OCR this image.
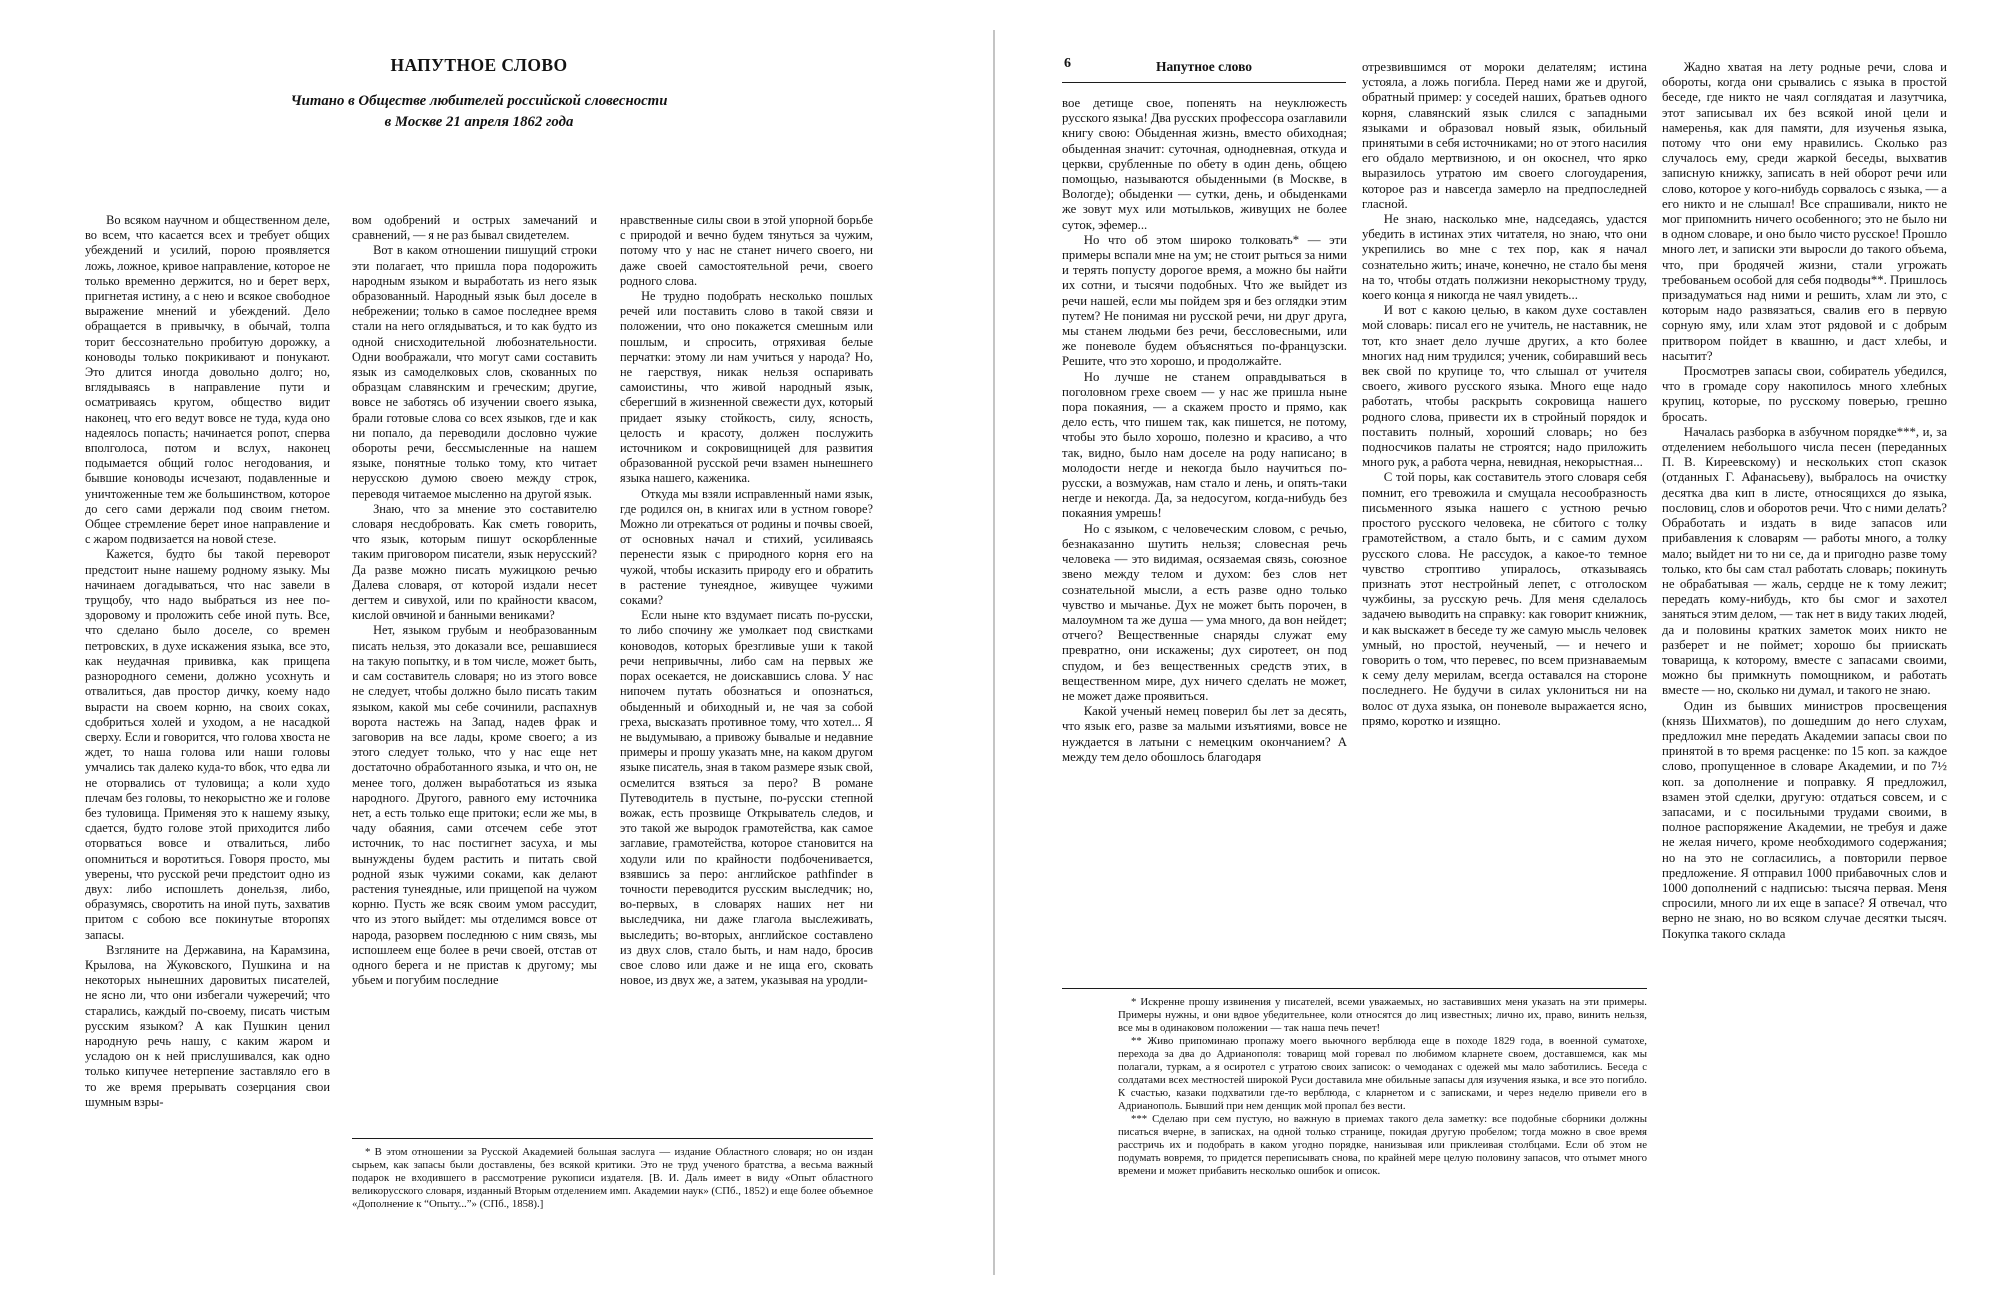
НАПУТНОЕ СЛОВО
Читано в Обществе любителей российской словесности
в Москве 21 апреля 1862 года

Во всяком научном и общественном деле, во всем, что касается всех и требует общих убеждений и усилий, порою проявляется ложь, ложное, кривое направление, которое не только временно держится, но и берет верх, пригнетая истину, а с нею и всякое свободное выражение мнений и убеждений. Дело обращается в привычку, в обычай, толпа торит бессознательно пробитую дорожку, а коноводы только покрикивают и понукают. Это длится иногда довольно долго; но, вглядываясь в направление пути и осматриваясь кругом, общество видит наконец, что его ведут вовсе не туда, куда оно надеялось попасть; начинается ропот, сперва вполголоса, потом и вслух, наконец подымается общий голос негодования, и бывшие коноводы исчезают, подавленные и уничтоженные тем же большинством, которое до сего сами держали под своим гнетом. Общее стремление берет иное направление и с жаром подвизается на новой стезе.

Кажется, будто бы такой переворот предстоит ныне нашему родному языку. Мы начинаем догадываться, что нас завели в трущобу, что надо выбраться из нее по-здоровому и проложить себе иной путь. Все, что сделано было доселе, со времен петровских, в духе искажения языка, все это, как неудачная прививка, как прищепа разнородного семени, должно усохнуть и отвалиться, дав простор дичку, коему надо вырасти на своем корню, на своих соках, сдобриться холей и уходом, а не насадкой сверху. Если и говорится, что голова хвоста не ждет, то наша голова или наши головы умчались так далеко куда-то вбок, что едва ли не оторвались от туловища; а коли худо плечам без головы, то некорыстно же и голове без туловища. Применяя это к нашему языку, сдается, будто голове этой приходится либо оторваться вовсе и отвалиться, либо опомниться и воротиться. Говоря просто, мы уверены, что русской речи предстоит одно из двух: либо испошлеть донельзя, либо, образумясь, своротить на иной путь, захватив притом с собою все покинутые второпях запасы.

Взгляните на Державина, на Карамзина, Крылова, на Жуковского, Пушкина и на некоторых нынешних даровитых писателей, не ясно ли, что они избегали чужеречий; что старались, каждый по-своему, писать чистым русским языком? А как Пушкин ценил народную речь нашу, с каким жаром и усладою он к ней прислушивался, как одно только кипучее нетерпение заставляло его в то же время прерывать созерцания свои шумным взры-

вом одобрений и острых замечаний и сравнений, — я не раз бывал свидетелем.

Вот в каком отношении пишущий строки эти полагает, что пришла пора подорожить народным языком и выработать из него язык образованный. Народный язык был доселе в небрежении; только в самое последнее время стали на него оглядываться, и то как будто из одной снисходительной любознательности. Одни воображали, что могут сами составить язык из самоделковых слов, скованных по образцам славянским и греческим; другие, вовсе не заботясь об изучении своего языка, брали готовые слова со всех языков, где и как ни попало, да переводили дословно чужие обороты речи, бессмысленные на нашем языке, понятные только тому, кто читает нерусскою думою своею между строк, переводя читаемое мысленно на другой язык.

Знаю, что за мнение это составителю словаря несдобровать. Как сметь говорить, что язык, которым пишут оскорбленные таким приговором писатели, язык нерусский? Да разве можно писать мужицкою речью Далева словаря, от которой издали несет дегтем и сивухой, или по крайности квасом, кислой овчиной и банными вениками?

Нет, языком грубым и необразованным писать нельзя, это доказали все, решавшиеся на такую попытку, и в том числе, может быть, и сам составитель словаря; но из этого вовсе не следует, чтобы должно было писать таким языком, какой мы себе сочинили, распахнув ворота настежь на Запад, надев фрак и заговорив на все лады, кроме своего; а из этого следует только, что у нас еще нет достаточно обработанного языка, и что он, не менее того, должен выработаться из языка народного. Другого, равного ему источника нет, а есть только еще притоки; если же мы, в чаду обаяния, сами отсечем себе этот источник, то нас постигнет засуха, и мы вынуждены будем растить и питать свой родной язык чужими соками, как делают растения тунеядные, или прищепой на чужом корню. Пусть же всяк своим умом рассудит, что из этого выйдет: мы отделимся вовсе от народа, разорвем последнюю с ним связь, мы испошлеем еще более в речи своей, отстав от одного берега и не пристав к другому; мы убьем и погубим последние

нравственные силы свои в этой упорной борьбе с природой и вечно будем тянуться за чужим, потому что у нас не станет ничего своего, ни даже своей самостоятельной речи, своего родного слова.

Не трудно подобрать несколько пошлых речей или поставить слово в такой связи и положении, что оно покажется смешным или пошлым, и спросить, отряхивая белые перчатки: этому ли нам учиться у народа? Но, не гаерствуя, никак нельзя оспаривать самоистины, что живой народный язык, сберегший в жизненной свежести дух, который придает языку стойкость, силу, ясность, целость и красоту, должен послужить источником и сокровищницей для развития образованной русской речи взамен нынешнего языка нашего, каженика.

Откуда мы взяли исправленный нами язык, где родился он, в книгах или в устном говоре? Можно ли отрекаться от родины и почвы своей, от основных начал и стихий, усиливаясь перенести язык с природного корня его на чужой, чтобы исказить природу его и обратить в растение тунеядное, живущее чужими соками?

Если ныне кто вздумает писать по-русски, то либо спочину же умолкает под свистками коноводов, которых брезгливые уши к такой речи непривычны, либо сам на первых же порах осекается, не доискавшись слова. У нас нипочем путать обознаться и опознаться, обыденный и обиходный и, не чая за собой греха, высказать противное тому, что хотел... Я не выдумываю, а привожу бывалые и недавние примеры и прошу указать мне, на каком другом языке писатель, зная в таком размере язык свой, осмелится взяться за перо? В романе Путеводитель в пустыне, по-русски степной вожак, есть прозвище Открыватель следов, и это такой же выродок грамотейства, как самое заглавие, грамотейства, которое становится на ходули или по крайности подбоченивается, взявшись за перо: английское pathfinder в точности переводится русским выследчик; но, во-первых, в словарях наших нет ни выследчика, ни даже глагола выслеживать, выследить; во-вторых, английское составлено из двух слов, стало быть, и нам надо, бросив свое слово или даже и не ища его, сковать новое, из двух же, а затем, указывая на уродли-

* В этом отношении за Русской Академией большая заслуга — издание Областного словаря; но он издан сырьем, как запасы были доставлены, без всякой критики. Это не труд ученого братства, а весьма важный подарок не входившего в рассмотрение рукописи издателя. [В. И. Даль имеет в виду «Опыт областного великорусского словаря, изданный Вторым отделением имп. Академии наук» (СПб., 1852) и еще более объемное «Дополнение к “Опыту...”» (СПб., 1858).]

6	Напутное слово

вое детище свое, попенять на неуклюжесть русского языка! Два русских профессора озаглавили книгу свою: Обыденная жизнь, вместо обиходная; обыденная значит: суточная, однодневная, откуда и церкви, срубленные по обету в один день, общею помощью, называются обыденными (в Москве, в Вологде); обыденки — сутки, день, и обыденками же зовут мух или мотыльков, живущих не более суток, эфемер...

Но что об этом широко толковать* — эти примеры вспали мне на ум; не стоит рыться за ними и терять попусту дорогое время, а можно бы найти их сотни, и тысячи подобных. Что же выйдет из речи нашей, если мы пойдем зря и без оглядки этим путем? Не понимая ни русской речи, ни друг друга, мы станем людьми без речи, бессловесными, или же поневоле будем объясняться по-французски. Решите, что это хорошо, и продолжайте.

Но лучше не станем оправдываться в поголовном грехе своем — у нас же пришла ныне пора покаяния, — а скажем просто и прямо, как дело есть, что пишем так, как пишется, не потому, чтобы это было хорошо, полезно и красиво, а что так, видно, было нам доселе на роду написано; в молодости негде и некогда было научиться по-русски, а возмужав, нам стало и лень, и опять-таки негде и некогда. Да, за недосугом, когда-нибудь без покаяния умрешь!

Но с языком, с человеческим словом, с речью, безнаказанно шутить нельзя; словесная речь человека — это видимая, осязаемая связь, союзное звено между телом и духом: без слов нет сознательной мысли, а есть разве одно только чувство и мычанье. Дух не может быть порочен, в малоумном та же душа — ума много, да вон нейдет; отчего? Вещественные снаряды служат ему превратно, они искажены; дух сиротеет, он под спудом, и без вещественных средств этих, в вещественном мире, дух ничего сделать не может, не может даже проявиться.

Какой ученый немец поверил бы лет за десять, что язык его, разве за малыми изъятиями, вовсе не нуждается в латыни с немецким окончанием? А между тем дело обошлось благодаря

отрезвившимся от мороки делателям; истина устояла, а ложь погибла. Перед нами же и другой, обратный пример: у соседей наших, братьев одного корня, славянский язык слился с западными языками и образовал новый язык, обильный принятыми в себя источниками; но от этого насилия его обдало мертвизною, и он окоснел, что ярко выразилось утратою им своего слогоударения, которое раз и навсегда замерло на предпоследней гласной.

Не знаю, насколько мне, надседаясь, удастся убедить в истинах этих читателя, но знаю, что они укрепились во мне с тех пор, как я начал сознательно жить; иначе, конечно, не стало бы меня на то, чтобы отдать полжизни некорыстному труду, коего конца я никогда не чаял увидеть...

И вот с какою целью, в каком духе составлен мой словарь: писал его не учитель, не наставник, не тот, кто знает дело лучше других, а кто более многих над ним трудился; ученик, собиравший весь век свой по крупице то, что слышал от учителя своего, живого русского языка. Много еще надо работать, чтобы раскрыть сокровища нашего родного слова, привести их в стройный порядок и поставить полный, хороший словарь; но без подносчиков палаты не строятся; надо приложить много рук, а работа черна, невидная, некорыстная...

С той поры, как составитель этого словаря себя помнит, его тревожила и смущала несообразность письменного языка нашего с устною речью простого русского человека, не сбитого с толку грамотейством, а стало быть, и с самим духом русского слова. Не рассудок, а какое-то темное чувство строптиво упиралось, отказываясь признать этот нестройный лепет, с отголоском чужбины, за русскую речь. Для меня сделалось задачею выводить на справку: как говорит книжник, и как выскажет в беседе ту же самую мысль человек умный, но простой, неученый, — и нечего и говорить о том, что перевес, по всем признаваемым к сему делу мерилам, всегда оставался на стороне последнего. Не будучи в силах уклониться ни на волос от духа языка, он поневоле выражается ясно, прямо, коротко и изящно.

Жадно хватая на лету родные речи, слова и обороты, когда они срывались с языка в простой беседе, где никто не чаял соглядатая и лазутчика, этот записывал их без всякой иной цели и намеренья, как для памяти, для изученья языка, потому что они ему нравились. Сколько раз случалось ему, среди жаркой беседы, выхватив записную книжку, записать в ней оборот речи или слово, которое у кого-нибудь сорвалось с языка, — а его никто и не слышал! Все спрашивали, никто не мог припомнить ничего особенного; это не было ни в одном словаре, и оно было чисто русское! Прошло много лет, и записки эти выросли до такого объема, что, при бродячей жизни, стали угрожать требованьем особой для себя подводы**. Пришлось призадуматься над ними и решить, хлам ли это, с которым надо развязаться, свалив его в первую сорную яму, или хлам этот рядовой и с добрым притвором пойдет в квашню, и даст хлебы, и насытит?

Просмотрев запасы свои, собиратель убедился, что в громаде сору накопилось много хлебных крупиц, которые, по русскому поверью, грешно бросать.

Началась разборка в азбучном порядке***, и, за отделением небольшого числа песен (переданных П. В. Киреевскому) и нескольких стоп сказок (отданных Г. Афанасьеву), выбралось на очистку десятка два кип в листе, относящихся до языка, пословиц, слов и оборотов речи. Что с ними делать? Обработать и издать в виде запасов или прибавления к словарям — работы много, а толку мало; выйдет ни то ни се, да и пригодно разве тому только, кто бы сам стал работать словарь; покинуть не обрабатывая — жаль, сердце не к тому лежит; передать кому-нибудь, кто бы смог и захотел заняться этим делом, — так нет в виду таких людей, да и половины кратких заметок моих никто не разберет и не поймет; хорошо бы приискать товарища, к которому, вместе с запасами своими, можно бы примкнуть помощником, и работать вместе — но, сколько ни думал, и такого не знаю.

Один из бывших министров просвещения (князь Шихматов), по дошедшим до него слухам, предложил мне передать Академии запасы свои по принятой в то время расценке: по 15 коп. за каждое слово, пропущенное в словаре Академии, и по 7½ коп. за дополнение и поправку. Я предложил, взамен этой сделки, другую: отдаться совсем, и с запасами, и с посильными трудами своими, в полное распоряжение Академии, не требуя и даже не желая ничего, кроме необходимого содержания; но на это не согласились, а повторили первое предложение. Я отправил 1000 прибавочных слов и 1000 дополнений с надписью: тысяча первая. Меня спросили, много ли их еще в запасе? Я отвечал, что верно не знаю, но во всяком случае десятки тысяч. Покупка такого склада

* Искренне прошу извинения у писателей, всеми уважаемых, но заставивших меня указать на эти примеры. Примеры нужны, и они вдвое убедительнее, коли относятся до лиц известных; лично их, право, винить нельзя, все мы в одинаковом положении — так наша печь печет!

** Живо припоминаю пропажу моего вьючного верблюда еще в походе 1829 года, в военной суматохе, перехода за два до Адрианополя: товарищ мой горевал по любимом кларнете своем, доставшемся, как мы полагали, туркам, а я осиротел с утратою своих записок: о чемоданах с одежей мы мало заботились. Беседа с солдатами всех местностей широкой Руси доставила мне обильные запасы для изучения языка, и все это погибло. К счастью, казаки подхватили где-то верблюда, с кларнетом и с записками, и через неделю привели его в Адрианополь. Бывший при нем денщик мой пропал без вести.

*** Сделаю при сем пустую, но важную в приемах такого дела заметку: все подобные сборники должны писаться вчерне, в записках, на одной только странице, покидая другую пробелом; тогда можно в свое время расстричь их и подобрать в каком угодно порядке, нанизывая или приклеивая столбцами. Если об этом не подумать вовремя, то придется переписывать снова, по крайней мере целую половину запасов, что отымет много времени и может прибавить несколько ошибок и описок.
